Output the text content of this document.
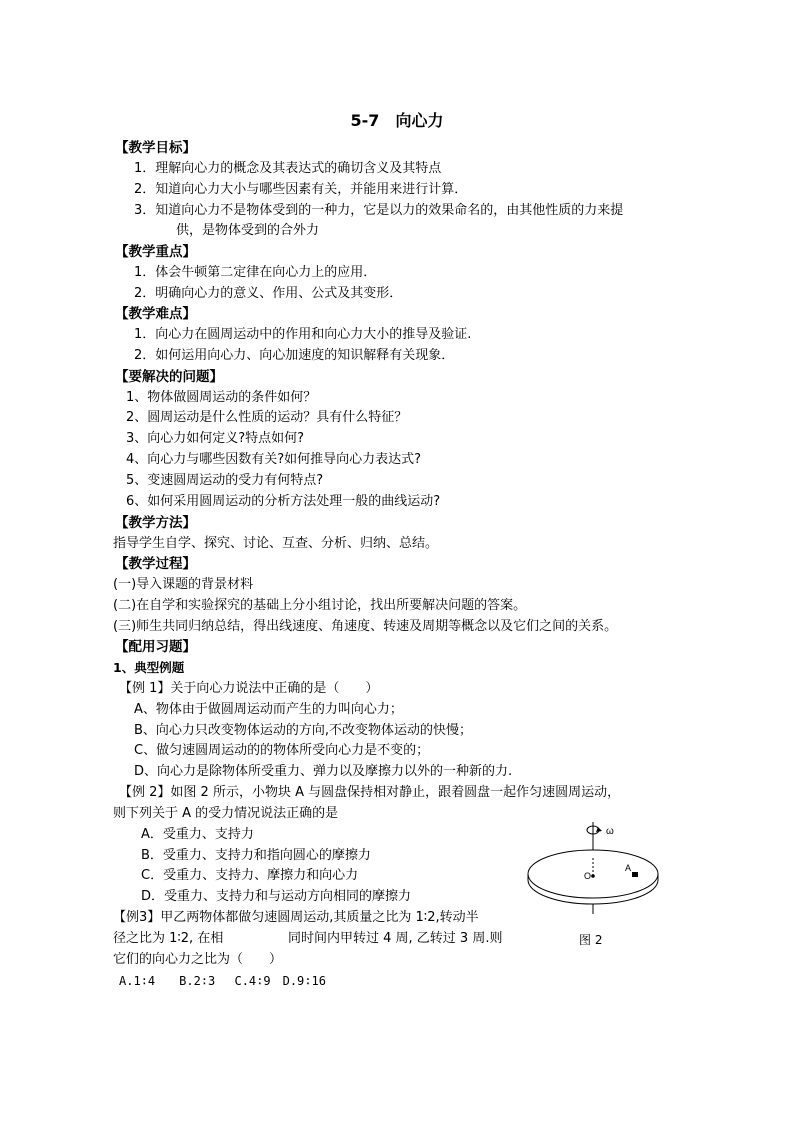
5-7　向心力
【教学目标】
1．理解向心力的概念及其表达式的确切含义及其特点
2．知道向心力大小与哪些因素有关，并能用来进行计算．
3．知道向心力不是物体受到的一种力，它是以力的效果命名的，由其他性质的力来提
供，是物体受到的合外力
【教学重点】
1．体会牛顿第二定律在向心力上的应用．
2．明确向心力的意义、作用、公式及其变形．
【教学难点】
1．向心力在圆周运动中的作用和向心力大小的推导及验证.
2．如何运用向心力、向心加速度的知识解释有关现象．
【要解决的问题】
1、物体做圆周运动的条件如何？
2、圆周运动是什么性质的运动？具有什么特征？
3、向心力如何定义?特点如何?
4、向心力与哪些因数有关?如何推导向心力表达式?
5、变速圆周运动的受力有何特点?
6、如何采用圆周运动的分析方法处理一般的曲线运动?
【教学方法】
指导学生自学、探究、讨论、互查、分析、归纳、总结。
【教学过程】
(一)导入课题的背景材料
(二)在自学和实验探究的基础上分小组讨论，找出所要解决问题的答案。
(三)师生共同归纳总结，得出线速度、角速度、转速及周期等概念以及它们之间的关系。
【配用习题】
1、典型例题
【例 1】关于向心力说法中正确的是（　　）
A、物体由于做圆周运动而产生的力叫向心力；
B、向心力只改变物体运动的方向,不改变物体运动的快慢；
C、做匀速圆周运动的的物体所受向心力是不变的；
D、向心力是除物体所受重力、弹力以及摩擦力以外的一种新的力.
【例 2】如图 2 所示，小物块 A 与圆盘保持相对静止，跟着圆盘一起作匀速圆周运动，
则下列关于 A 的受力情况说法正确的是
A．受重力、支持力
B．受重力、支持力和指向圆心的摩擦力
C．受重力、支持力、摩擦力和向心力
D．受重力、支持力和与运动方向相同的摩擦力
【例3】甲乙两物体都做匀速圆周运动,其质量之比为 1∶2,转动半
径之比为 1∶2, 在相	同时间内甲转过 4 周, 乙转过 3 周.则
它们的向心力之比为（　　）
A.1∶4　　B.2∶3　 C.4∶9　D.9∶16
ω
O
A
图 2
